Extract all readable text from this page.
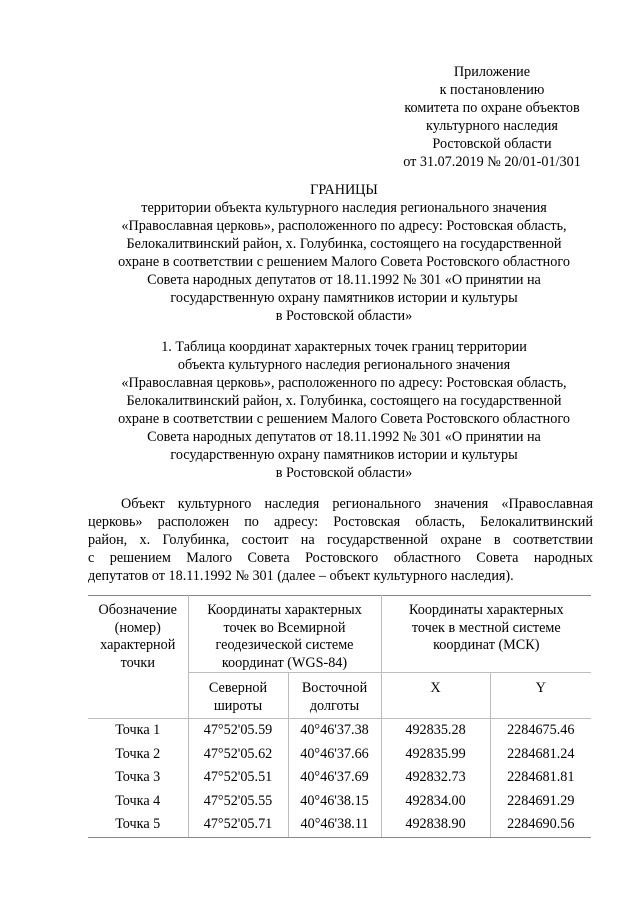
Приложение
к постановлению
комитета по охране объектов
культурного наследия
Ростовской области
от 31.07.2019 № 20/01-01/301
ГРАНИЦЫ
территории объекта культурного наследия регионального значения
«Православная церковь», расположенного по адресу: Ростовская область,
Белокалитвинский район, х. Голубинка, состоящего на государственной
охране в соответствии с решением Малого Совета Ростовского областного
Совета народных депутатов от 18.11.1992 № 301 «О принятии на
государственную охрану памятников истории и культуры
в Ростовской области»
1. Таблица координат характерных точек границ территории
объекта культурного наследия регионального значения
«Православная церковь», расположенного по адресу: Ростовская область,
Белокалитвинский район, х. Голубинка, состоящего на государственной
охране в соответствии с решением Малого Совета Ростовского областного
Совета народных депутатов от 18.11.1992 № 301 «О принятии на
государственную охрану памятников истории и культуры
в Ростовской области»
Объект культурного наследия регионального значения «Православная
церковь» расположен по адресу: Ростовская область, Белокалитвинский
район, х. Голубинка, состоит на государственной охране в соответствии
с решением Малого Совета Ростовского областного Совета народных
депутатов от 18.11.1992 № 301 (далее – объект культурного наследия).
Обозначение (номер) характерной точки	Координаты характерных точек во Всемирной геодезической системе координат (WGS-84)		Координаты характерных точек в местной системе координат (МСК)	
	Северной широты	Восточной долготы	X	Y
Точка 1	47°52'05.59	40°46'37.38	492835.28	2284675.46
Точка 2	47°52'05.62	40°46'37.66	492835.99	2284681.24
Точка 3	47°52'05.51	40°46'37.69	492832.73	2284681.81
Точка 4	47°52'05.55	40°46'38.15	492834.00	2284691.29
Точка 5	47°52'05.71	40°46'38.11	492838.90	2284690.56
